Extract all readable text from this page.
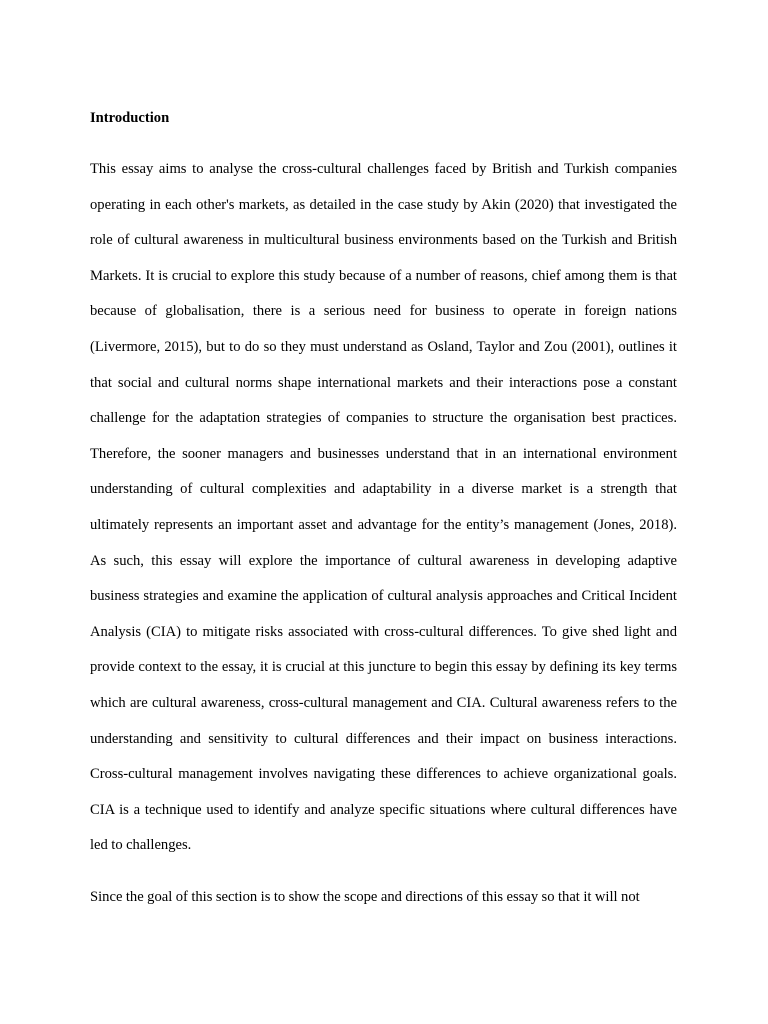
Introduction

This essay aims to analyse the cross-cultural challenges faced by British and Turkish companies operating in each other's markets, as detailed in the case study by Akin (2020) that investigated the role of cultural awareness in multicultural business environments based on the Turkish and British Markets. It is crucial to explore this study because of a number of reasons, chief among them is that because of globalisation, there is a serious need for business to operate in foreign nations (Livermore, 2015), but to do so they must understand as Osland, Taylor and Zou (2001), outlines it that social and cultural norms shape international markets and their interactions pose a constant challenge for the adaptation strategies of companies to structure the organisation best practices. Therefore, the sooner managers and businesses understand that in an international environment understanding of cultural complexities and adaptability in a diverse market is a strength that ultimately represents an important asset and advantage for the entity’s management (Jones, 2018). As such, this essay will explore the importance of cultural awareness in developing adaptive business strategies and examine the application of cultural analysis approaches and Critical Incident Analysis (CIA) to mitigate risks associated with cross-cultural differences. To give shed light and provide context to the essay, it is crucial at this juncture to begin this essay by defining its key terms which are cultural awareness, cross-cultural management and CIA. Cultural awareness refers to the understanding and sensitivity to cultural differences and their impact on business interactions. Cross-cultural management involves navigating these differences to achieve organizational goals. CIA is a technique used to identify and analyze specific situations where cultural differences have led to challenges.

Since the goal of this section is to show the scope and directions of this essay so that it will not
